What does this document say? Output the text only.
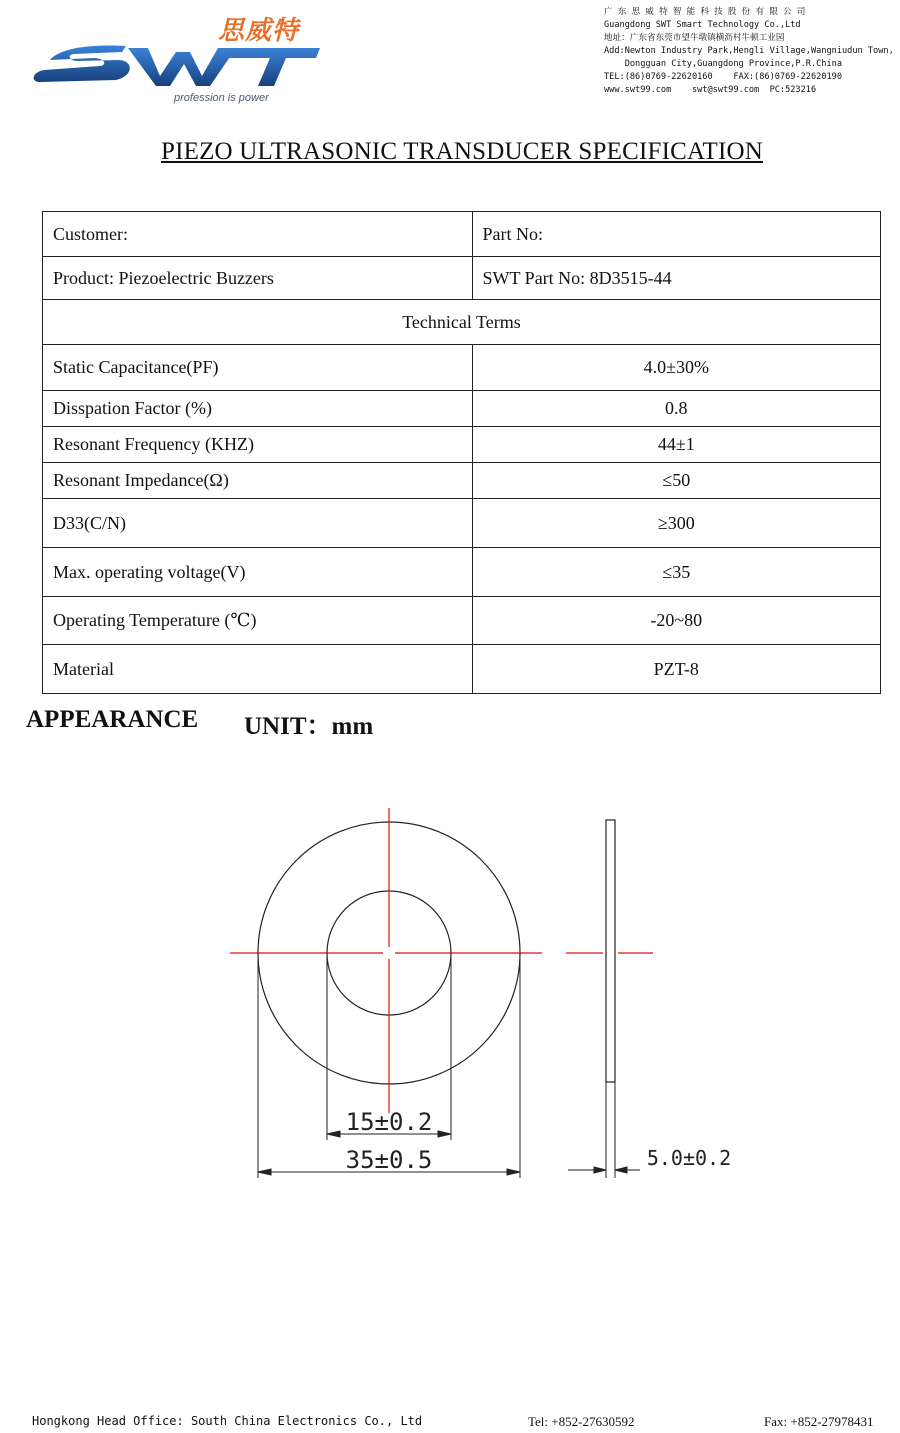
思威特
profession is power
广 东 思 威 特 智 能 科 技 股 份 有 限 公 司
Guangdong SWT Smart Technology Co.,Ltd
地址：广东省东莞市望牛墩镇横沥村牛顿工业园
Add:Newton Industry Park,Hengli Village,Wangniudun Town,
Dongguan City,Guangdong Province,P.R.China
TEL:(86)0769-22620160    FAX:(86)0769-22620190
www.swt99.com    swt@swt99.com  PC:523216
PIEZO ULTRASONIC TRANSDUCER SPECIFICATION
Customer:	Part No:
Product: Piezoelectric Buzzers	SWT Part No: 8D3515-44
Technical Terms	
Static Capacitance(PF)	4.0±30%
Disspation Factor (%)	0.8
Resonant Frequency (KHZ)	44±1
Resonant Impedance(Ω)	≤50
D33(C/N)	≥300
Max. operating voltage(V)	≤35
Operating Temperature (℃)	-20~80
Material	PZT-8
APPEARANCE UNIT：mm
15±0.2
35±0.5	5.0±0.2
Hongkong Head Office: South China Electronics Co., Ltd	Tel: +852-27630592	Fax: +852-27978431
